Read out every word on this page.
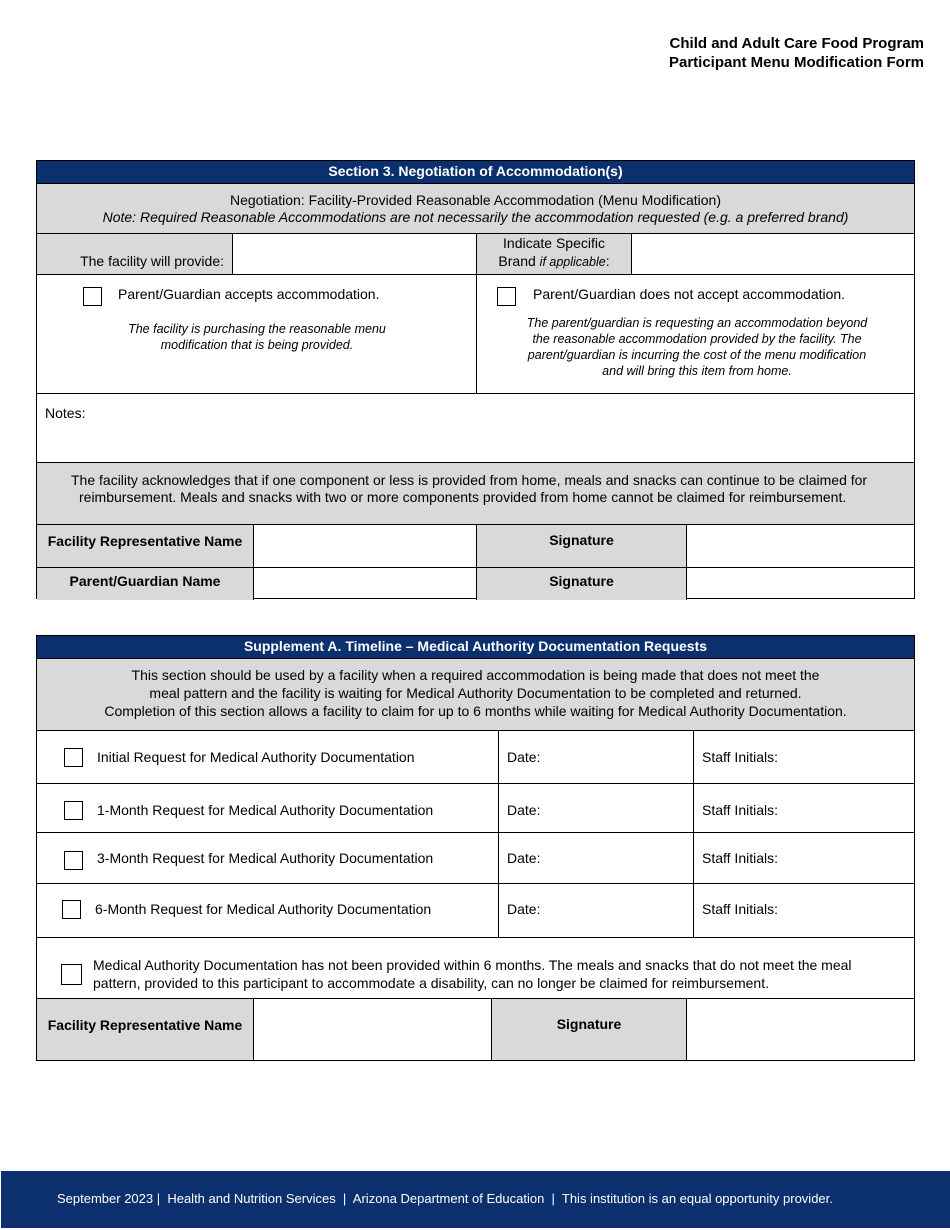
Child and Adult Care Food Program
Participant Menu Modification Form
Section 3. Negotiation of Accommodation(s)
Negotiation: Facility-Provided Reasonable Accommodation (Menu Modification)
Note: Required Reasonable Accommodations are not necessarily the accommodation requested (e.g. a preferred brand)
The facility will provide:
Indicate Specific
Brand if applicable:
Parent/Guardian accepts accommodation.
The facility is purchasing the reasonable menu modification that is being provided.
Parent/Guardian does not accept accommodation.
The parent/guardian is requesting an accommodation beyond the reasonable accommodation provided by the facility. The parent/guardian is incurring the cost of the menu modification and will bring this item from home.
Notes:
The facility acknowledges that if one component or less is provided from home, meals and snacks can continue to be claimed for reimbursement. Meals and snacks with two or more components provided from home cannot be claimed for reimbursement.
Facility Representative Name	Signature
Parent/Guardian Name	Signature
Supplement A. Timeline – Medical Authority Documentation Requests
This section should be used by a facility when a required accommodation is being made that does not meet the
meal pattern and the facility is waiting for Medical Authority Documentation to be completed and returned.
Completion of this section allows a facility to claim for up to 6 months while waiting for Medical Authority Documentation.
Initial Request for Medical Authority Documentation	Date:	Staff Initials:
1-Month Request for Medical Authority Documentation	Date:	Staff Initials:
3-Month Request for Medical Authority Documentation	Date:	Staff Initials:
6-Month Request for Medical Authority Documentation	Date:	Staff Initials:
Medical Authority Documentation has not been provided within 6 months. The meals and snacks that do not meet the meal pattern, provided to this participant to accommodate a disability, can no longer be claimed for reimbursement.
Facility Representative Name	Signature
September 2023 |  Health and Nutrition Services  |  Arizona Department of Education  |  This institution is an equal opportunity provider.
